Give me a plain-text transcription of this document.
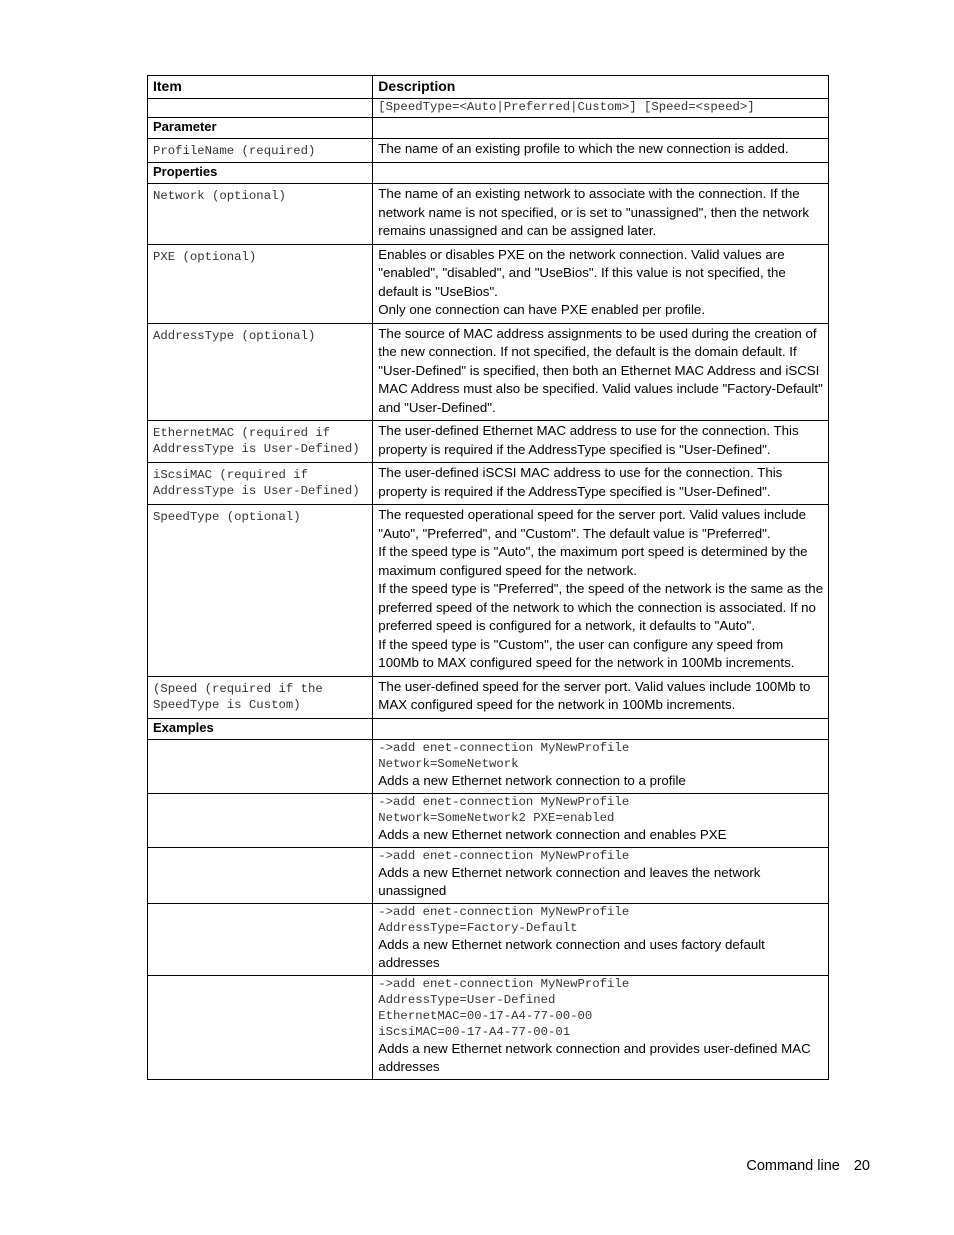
Item	Description
	[SpeedType=<Auto|Preferred|Custom>] [Speed=<speed>]
Parameter	
ProfileName (required)	The name of an existing profile to which the new connection is added.

Properties	
Network (optional)	The name of an existing network to associate with the connection. If the network name is not specified, or is set to "unassigned", then the network remains unassigned and can be assigned later.

PXE (optional)	Enables or disables PXE on the network connection. Valid values are "enabled", "disabled", and "UseBios". If this value is not specified, the default is "UseBios".

Only one connection can have PXE enabled per profile.

AddressType (optional)	The source of MAC address assignments to be used during the creation of the new connection. If not specified, the default is the domain default. If "User-Defined" is specified, then both an Ethernet MAC Address and iSCSI MAC Address must also be specified. Valid values include "Factory-Default" and "User-Defined".

EthernetMAC (required if AddressType is User-Defined)	The user-defined Ethernet MAC address to use for the connection. This property is required if the AddressType specified is "User-Defined".

iScsiMAC (required if AddressType is User-Defined)	The user-defined iSCSI MAC address to use for the connection. This property is required if the AddressType specified is "User-Defined".

SpeedType (optional)	The requested operational speed for the server port. Valid values include "Auto", "Preferred", and "Custom". The default value is "Preferred".

If the speed type is "Auto", the maximum port speed is determined by the maximum configured speed for the network.

If the speed type is "Preferred", the speed of the network is the same as the preferred speed of the network to which the connection is associated. If no preferred speed is configured for a network, it defaults to "Auto".

If the speed type is "Custom", the user can configure any speed from 100Mb to MAX configured speed for the network in 100Mb increments.

(Speed (required if the SpeedType is Custom)	The user-defined speed for the server port. Valid values include 100Mb to MAX configured speed for the network in 100Mb increments.

Examples	

	->add enet-connection MyNewProfile
Network=SomeNetwork
Adds a new Ethernet network connection to a profile

	->add enet-connection MyNewProfile
Network=SomeNetwork2 PXE=enabled
Adds a new Ethernet network connection and enables PXE

	->add enet-connection MyNewProfile
Adds a new Ethernet network connection and leaves the network unassigned

	->add enet-connection MyNewProfile
AddressType=Factory-Default
Adds a new Ethernet network connection and uses factory default addresses

	->add enet-connection MyNewProfile
AddressType=User-Defined
EthernetMAC=00-17-A4-77-00-00
iScsiMAC=00-17-A4-77-00-01
Adds a new Ethernet network connection and provides user-defined MAC addresses
Command line 20
